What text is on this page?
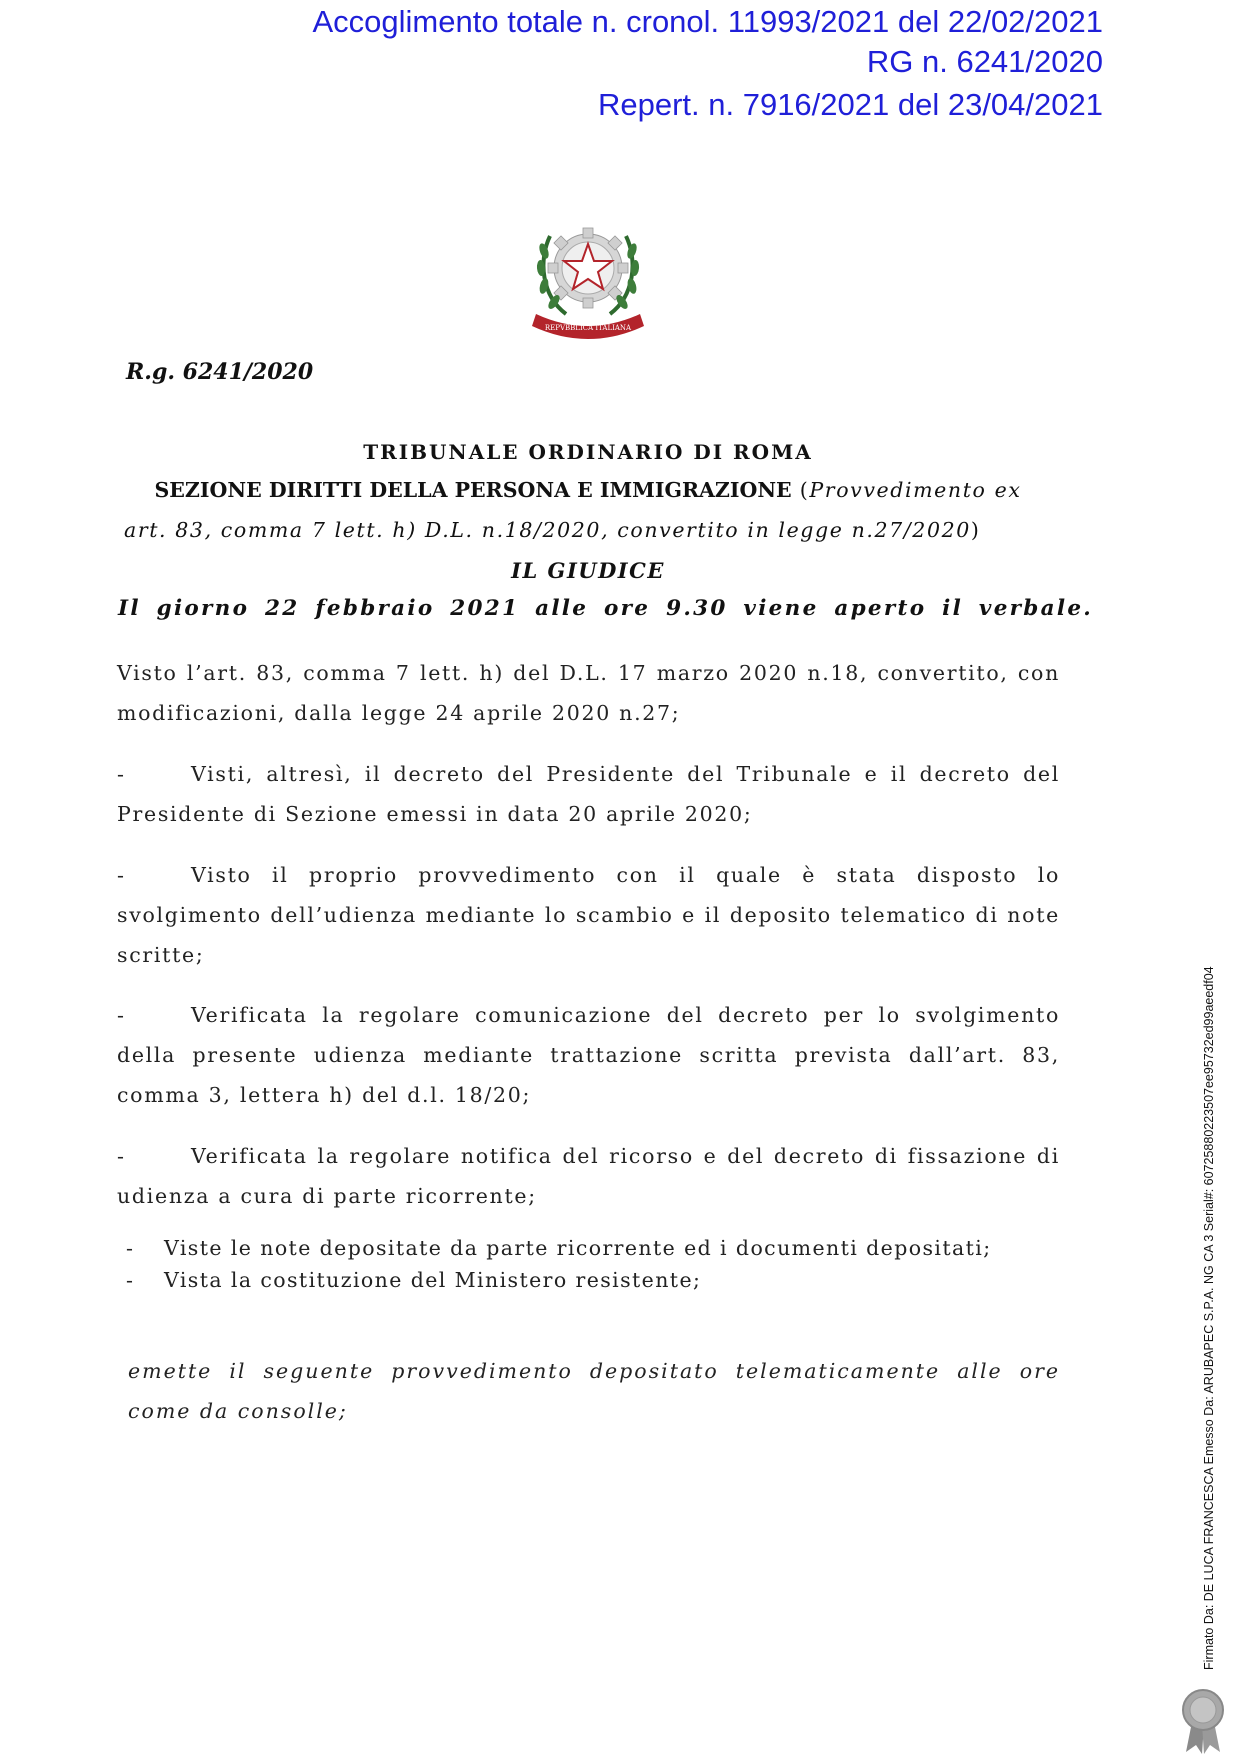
Accoglimento totale n. cronol. 11993/2021 del 22/02/2021
RG n. 6241/2020
Repert. n. 7916/2021 del 23/04/2021
REPVBBLICA ITALIANA
R.g. 6241/2020
TRIBUNALE ORDINARIO DI ROMA
SEZIONE DIRITTI DELLA PERSONA E IMMIGRAZIONE (Provvedimento ex
art. 83, comma 7 lett. h) D.L. n.18/2020, convertito in legge n.27/2020)
IL GIUDICE
Il giorno 22 febbraio 2021 alle ore 9.30 viene aperto il verbale.
Visto l’art. 83, comma 7 lett. h) del D.L. 17 marzo 2020 n.18, convertito, con modificazioni, dalla legge 24 aprile 2020 n.27;
-	Visti, altresì, il decreto del Presidente del Tribunale e il decreto del Presidente di Sezione emessi in data 20 aprile 2020;
-	Visto il proprio provvedimento con il quale è stata disposto lo svolgimento dell’udienza mediante lo scambio e il deposito telematico di note scritte;
-	Verificata la regolare comunicazione del decreto per lo svolgimento della presente udienza mediante trattazione scritta prevista dall’art. 83, comma 3, lettera h) del d.l. 18/20;
-	Verificata la regolare notifica del ricorso e del decreto di fissazione di udienza a cura di parte ricorrente;
- Viste le note depositate da parte ricorrente ed i documenti depositati;
- Vista la costituzione del Ministero resistente;
emette il seguente provvedimento depositato telematicamente alle ore come da consolle;	Firmato Da: DE LUCA FRANCESCA Emesso Da: ARUBAPEC S.P.A. NG CA 3 Serial#: 60725880223507ee95732ed99aeedf04
